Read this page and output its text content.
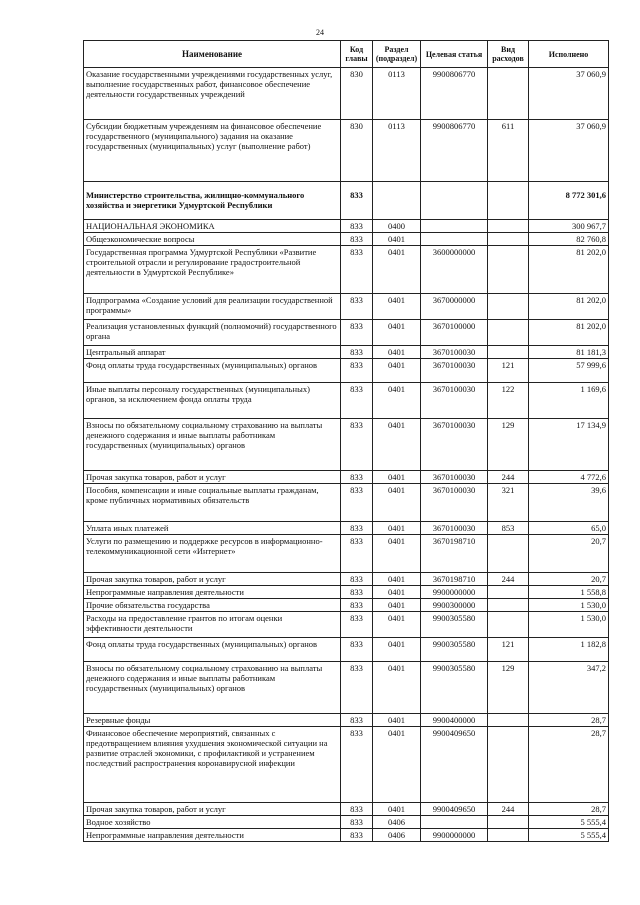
24
Наименование	Код главы	Раздел (подраздел)	Целевая статья	Вид расходов	Исполнено
Оказание государственными учреждениями государственных услуг, выполнение государственных работ, финансовое обеспечение деятельности государственных учреждений	830	0113	9900806770		37 060,9
Субсидии бюджетным учреждениям на финансовое обеспечение государственного (муниципального) задания на оказание государственных (муниципальных) услуг (выполнение работ)	830	0113	9900806770	611	37 060,9
Министерство строительства, жилищно-коммунального хозяйства и энергетики Удмуртской Республики	833				8 772 301,6
НАЦИОНАЛЬНАЯ ЭКОНОМИКА	833	0400			300 967,7
Общеэкономические вопросы	833	0401			82 760,8
Государственная программа Удмуртской Республики «Развитие строительной отрасли и регулирование градостроительной деятельности в Удмуртской Республике»	833	0401	3600000000		81 202,0
Подпрограмма «Создание условий для реализации государственной программы»	833	0401	3670000000		81 202,0
Реализация установленных функций (полномочий) государственного органа	833	0401	3670100000		81 202,0
Центральный аппарат	833	0401	3670100030		81 181,3
Фонд оплаты труда государственных (муниципальных) органов	833	0401	3670100030	121	57 999,6
Иные выплаты персоналу государственных (муниципальных) органов, за исключением фонда оплаты труда	833	0401	3670100030	122	1 169,6
Взносы по обязательному социальному страхованию на выплаты денежного содержания и иные выплаты работникам государственных (муниципальных) органов	833	0401	3670100030	129	17 134,9
Прочая закупка товаров, работ и услуг	833	0401	3670100030	244	4 772,6
Пособия, компенсации и иные социальные выплаты гражданам, кроме публичных нормативных обязательств	833	0401	3670100030	321	39,6
Уплата иных платежей	833	0401	3670100030	853	65,0
Услуги по размещению и поддержке ресурсов в информационно-телекоммуникационной сети «Интернет»	833	0401	3670198710		20,7
Прочая закупка товаров, работ и услуг	833	0401	3670198710	244	20,7
Непрограммные направления деятельности	833	0401	9900000000		1 558,8
Прочие обязательства государства	833	0401	9900300000		1 530,0
Расходы на предоставление грантов по итогам оценки эффективности деятельности	833	0401	9900305580		1 530,0
Фонд оплаты труда государственных (муниципальных) органов	833	0401	9900305580	121	1 182,8
Взносы по обязательному социальному страхованию на выплаты денежного содержания и иные выплаты работникам государственных (муниципальных) органов	833	0401	9900305580	129	347,2
Резервные фонды	833	0401	9900400000		28,7
Финансовое обеспечение мероприятий, связанных с предотвращением влияния ухудшения экономической ситуации на развитие отраслей экономики, с профилактикой и устранением последствий распространения коронавирусной инфекции	833	0401	9900409650		28,7
Прочая закупка товаров, работ и услуг	833	0401	9900409650	244	28,7
Водное хозяйство	833	0406			5 555,4
Непрограммные направления деятельности	833	0406	9900000000		5 555,4
